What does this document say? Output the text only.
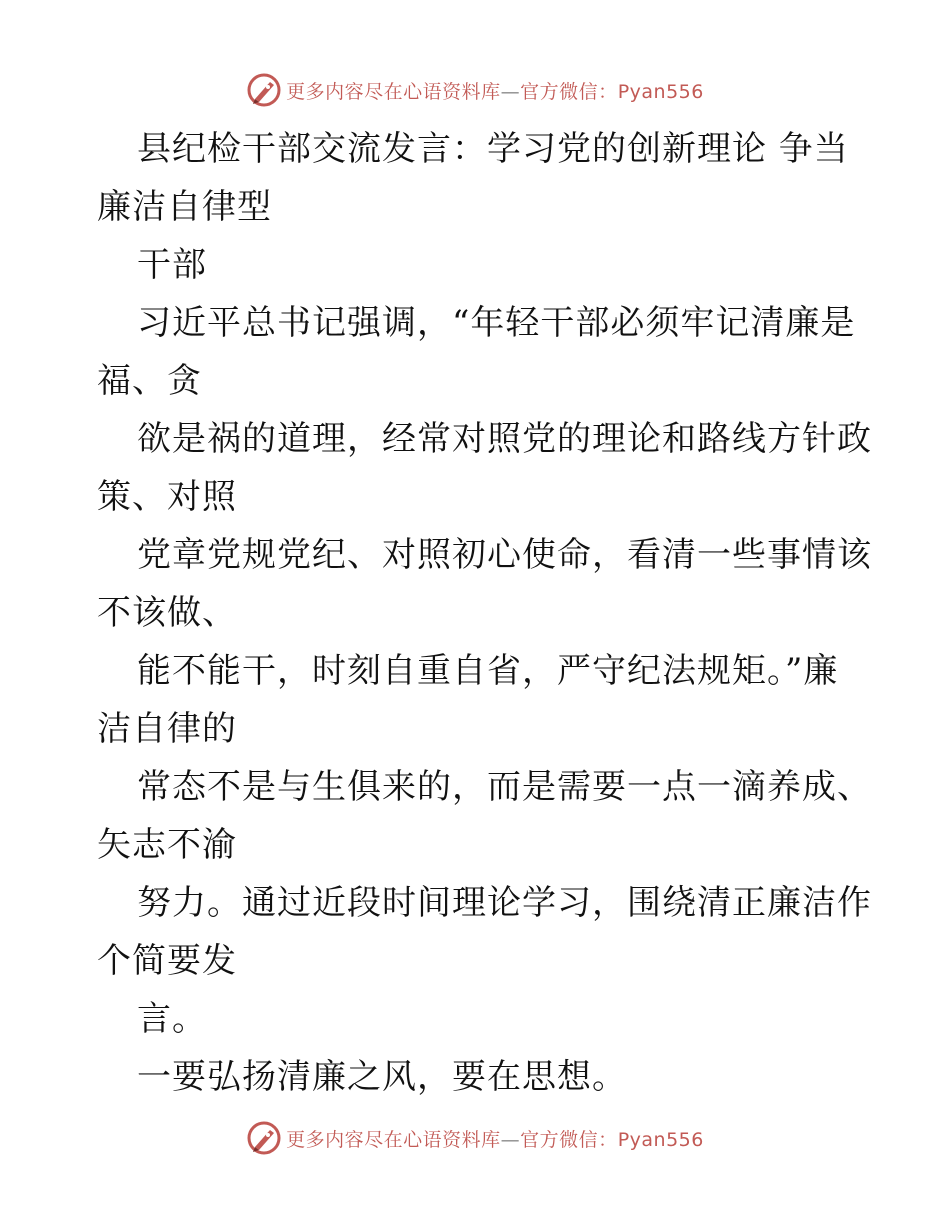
更多内容尽在心语资料库—官方微信：Pyan556
县纪检干部交流发言：学习党的创新理论 争当
廉洁自律型
干部
习近平总书记强调，“年轻干部必须牢记清廉是
福、贪
欲是祸的道理，经常对照党的理论和路线方针政
策、对照
党章党规党纪、对照初心使命，看清一些事情该
不该做、
能不能干，时刻自重自省，严守纪法规矩。”廉
洁自律的
常态不是与生俱来的，而是需要一点一滴养成、
矢志不渝
努力。通过近段时间理论学习，围绕清正廉洁作
个简要发
言。
一要弘扬清廉之风，要在思想。
更多内容尽在心语资料库—官方微信：Pyan556
